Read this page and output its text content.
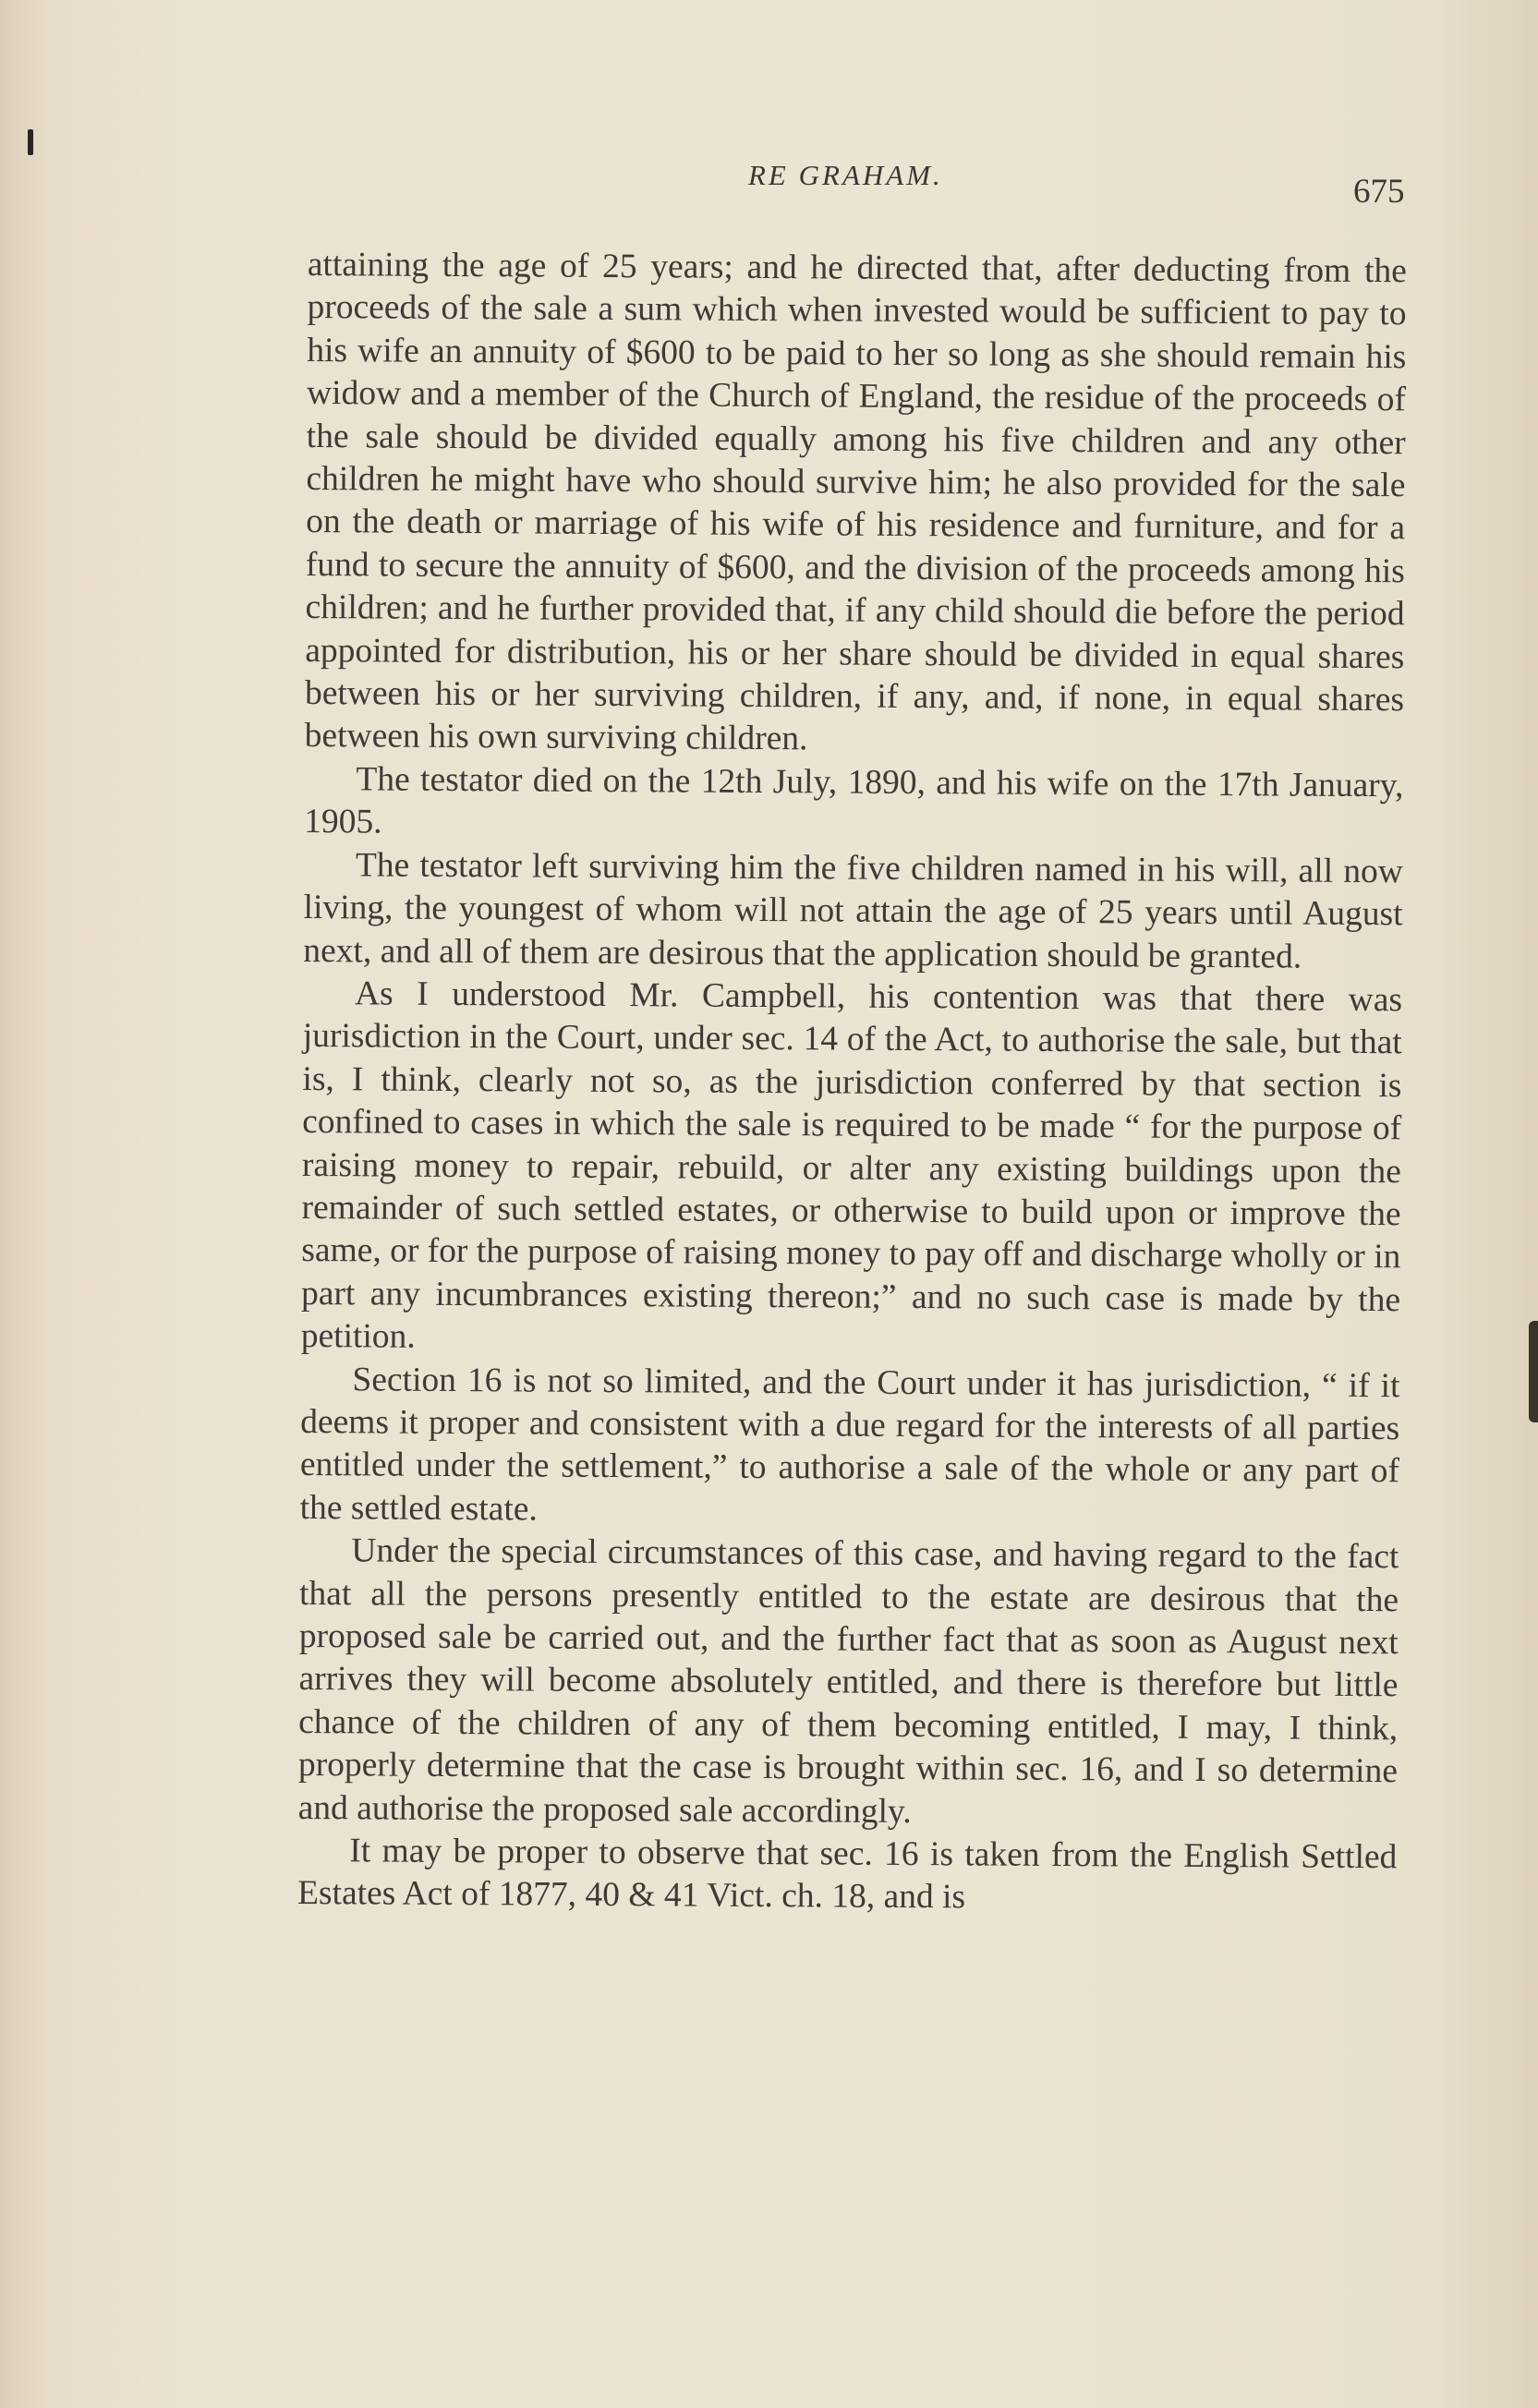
RE GRAHAM.	675

attaining the age of 25 years; and he directed that, after deducting from the proceeds of the sale a sum which when invested would be sufficient to pay to his wife an annuity of $600 to be paid to her so long as she should remain his widow and a member of the Church of England, the residue of the proceeds of the sale should be divided equally among his five children and any other children he might have who should survive him; he also provided for the sale on the death or marriage of his wife of his residence and furniture, and for a fund to secure the annuity of $600, and the division of the proceeds among his children; and he further provided that, if any child should die before the period appointed for distribution, his or her share should be divided in equal shares between his or her surviving children, if any, and, if none, in equal shares between his own surviving children.

The testator died on the 12th July, 1890, and his wife on the 17th January, 1905.

The testator left surviving him the five children named in his will, all now living, the youngest of whom will not attain the age of 25 years until August next, and all of them are desirous that the application should be granted.

As I understood Mr. Campbell, his contention was that there was jurisdiction in the Court, under sec. 14 of the Act, to authorise the sale, but that is, I think, clearly not so, as the jurisdiction conferred by that section is confined to cases in which the sale is required to be made “ for the purpose of raising money to repair, rebuild, or alter any existing buildings upon the remainder of such settled estates, or otherwise to build upon or improve the same, or for the purpose of raising money to pay off and discharge wholly or in part any incumbrances existing thereon;” and no such case is made by the petition.

Section 16 is not so limited, and the Court under it has jurisdiction, “ if it deems it proper and consistent with a due regard for the interests of all parties entitled under the settlement,” to authorise a sale of the whole or any part of the settled estate.

Under the special circumstances of this case, and having regard to the fact that all the persons presently entitled to the estate are desirous that the proposed sale be carried out, and the further fact that as soon as August next arrives they will become absolutely entitled, and there is therefore but little chance of the children of any of them becoming entitled, I may, I think, properly determine that the case is brought within sec. 16, and I so determine and authorise the proposed sale accordingly.

It may be proper to observe that sec. 16 is taken from the English Settled Estates Act of 1877, 40 & 41 Vict. ch. 18, and is
